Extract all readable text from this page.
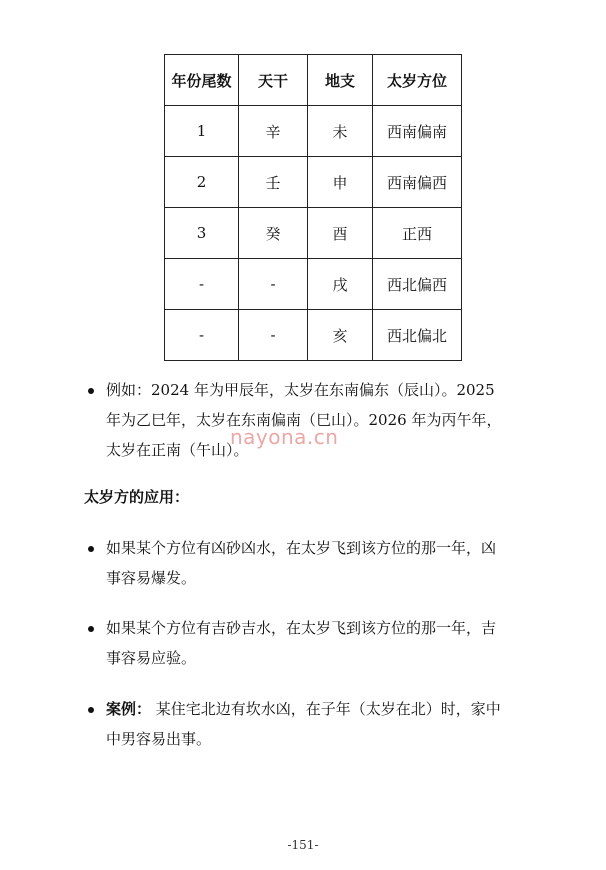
年份尾数	天干	地支	太岁方位
1	辛	未	西南偏南
2	壬	申	西南偏西
3	癸	酉	正西
-	-	戌	西北偏西
-	-	亥	西北偏北
例如：2024 年为甲辰年，太岁在东南偏东（辰山）。2025
年为乙巳年，太岁在东南偏南（巳山）。2026 年为丙午年，
太岁在正南（午山）。
nayona.cn
太岁方的应用：
如果某个方位有凶砂凶水，在太岁飞到该方位的那一年，凶
事容易爆发。
如果某个方位有吉砂吉水，在太岁飞到该方位的那一年，吉
事容易应验。
案例： 某住宅北边有坎水凶，在子年（太岁在北）时，家中
中男容易出事。
-151-
